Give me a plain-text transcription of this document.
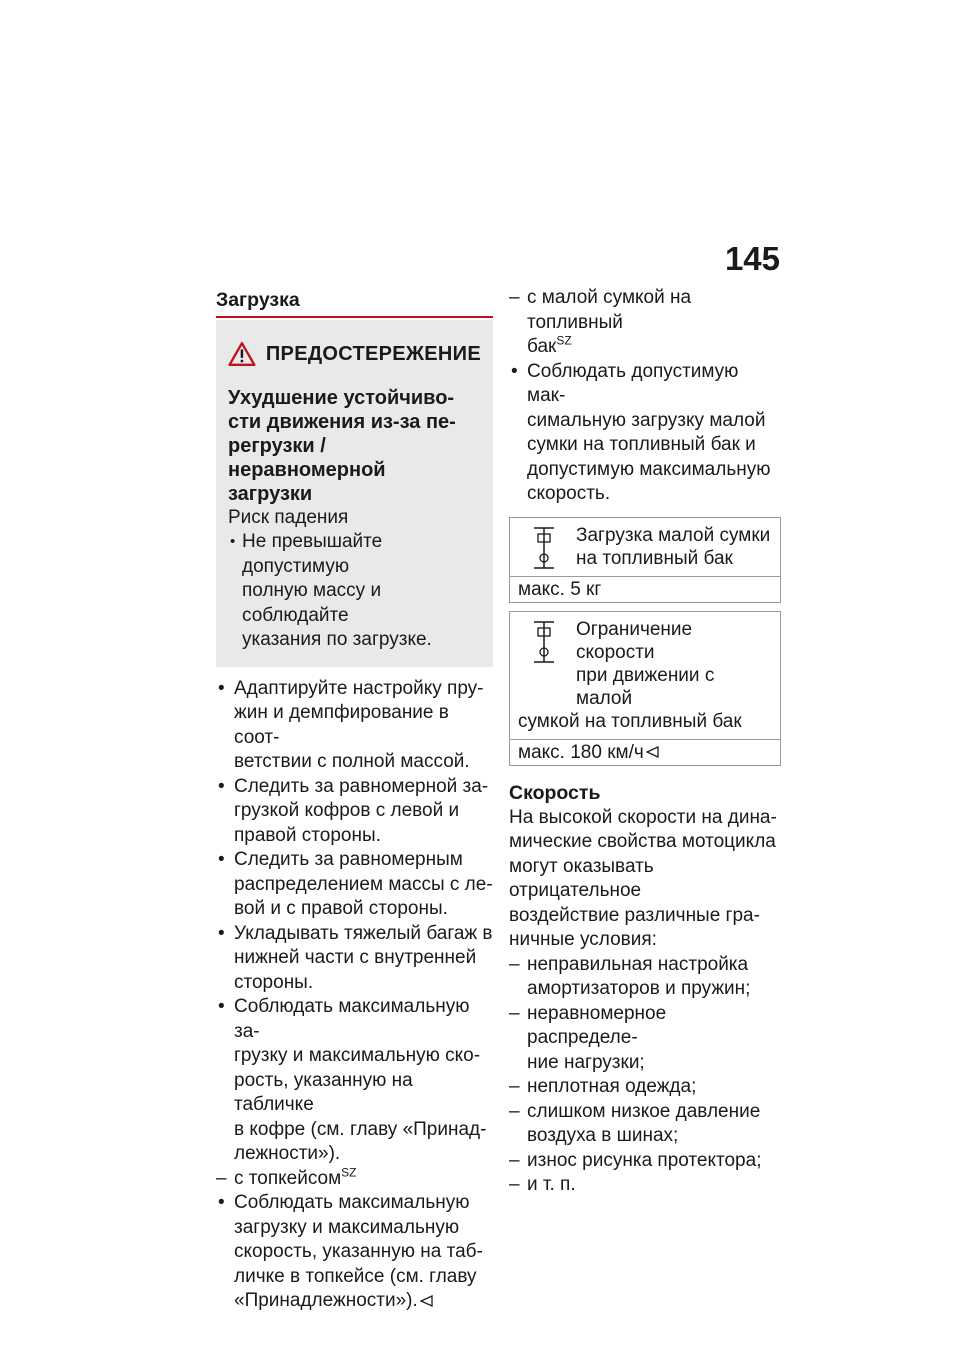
145
Загрузка
ПРЕДОСТЕРЕЖЕНИЕ
Ухудшение устойчиво-
сти движения из-за пе-
регрузки / неравномерной
загрузки
Риск падения
• Не превышайте допустимую
полную массу и соблюдайте
указания по загрузке.
• Адаптируйте настройку пру-
жин и демпфирование в соот-
ветствии с полной массой.
• Следить за равномерной за-
грузкой кофров с левой и
правой стороны.
• Следить за равномерным
распределением массы с ле-
вой и с правой стороны.
• Укладывать тяжелый багаж в
нижней части с внутренней
стороны.
• Соблюдать максимальную за-
грузку и максимальную ско-
рость, указанную на табличке
в кофре (см. главу «Принад-
лежности»).
– с топкейсом$^{SZ}$
• Соблюдать максимальную
загрузку и максимальную
скорость, указанную на таб-
личке в топкейсе (см. главу
«Принадлежности»).
– с малой сумкой на топливный
бак$^{SZ}$
• Соблюдать допустимую мак-
симальную загрузку малой
сумки на топливный бак и
допустимую максимальную
скорость.
Загрузка малой сумки
на топливный бак
макс. 5 кг
Ограничение скорости
при движении с малой
сумкой на топливный бак
макс. 180 км/ч
Скорость
На высокой скорости на дина-
мические свойства мотоцикла
могут оказывать отрицательное
воздействие различные гра-
ничные условия:
– неправильная настройка
амортизаторов и пружин;
– неравномерное распределе-
ние нагрузки;
– неплотная одежда;
– слишком низкое давление
воздуха в шинах;
– износ рисунка протектора;
– и т. п.
